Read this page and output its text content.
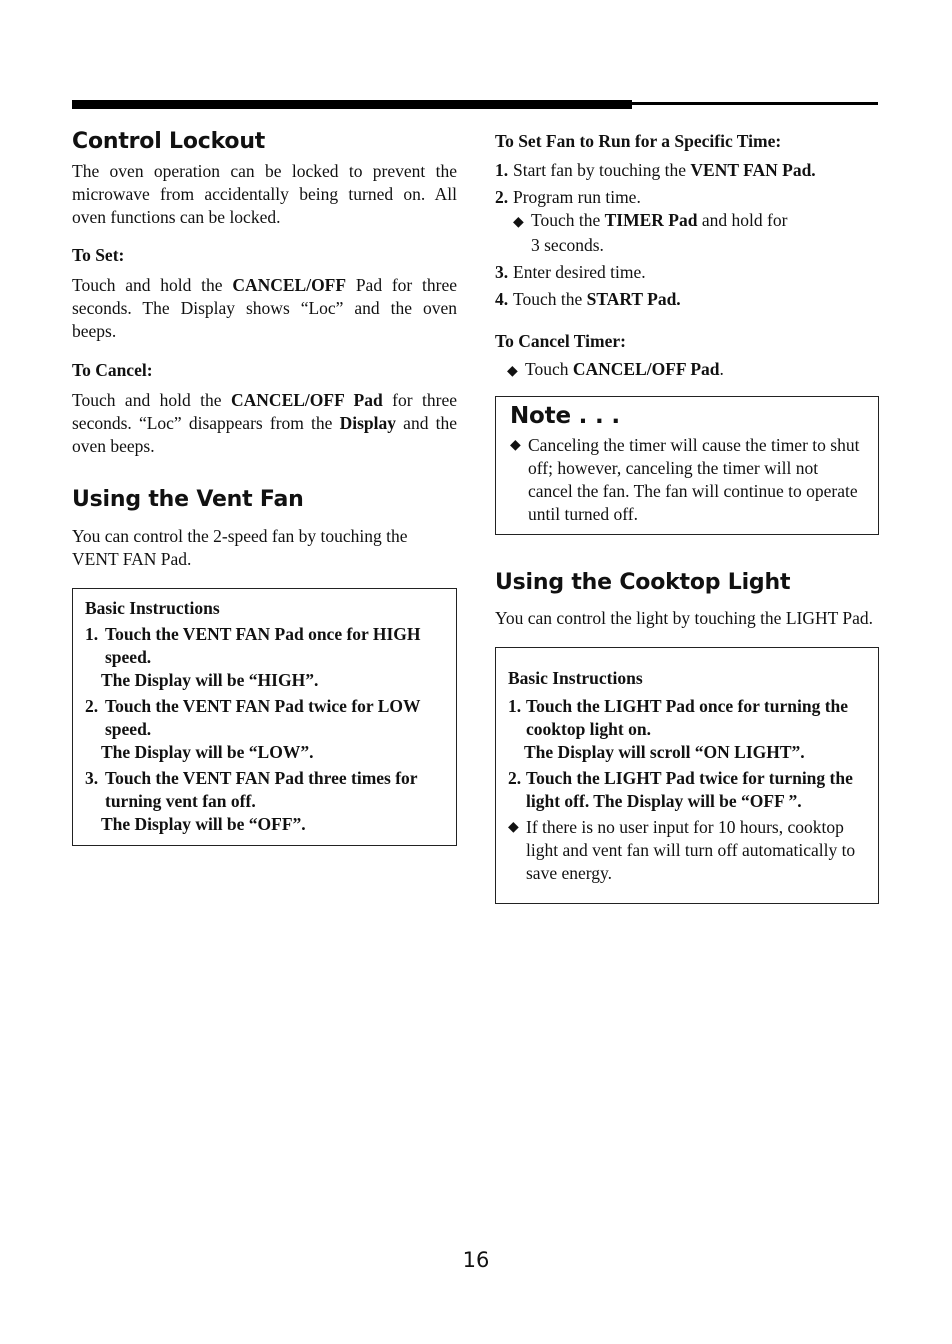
Control Lockout

The oven operation can be locked to prevent the microwave from accidentally being turned on. All oven functions can be locked.

To Set:

Touch and hold the CANCEL/OFF Pad for three seconds. The Display shows “Loc” and the oven beeps.

To Cancel:

Touch and hold the CANCEL/OFF Pad for three seconds. “Loc” disappears from the Display and the oven beeps.

Using the Vent Fan

You can control the 2-speed fan by touching the VENT FAN Pad.

Basic Instructions

1. Touch the VENT FAN Pad once for HIGH speed.
The Display will be “HIGH”.
2. Touch the VENT FAN Pad twice for LOW speed.
The Display will be “LOW”.
3. Touch the VENT FAN Pad three times for turning vent fan off.
The Display will be “OFF”.

To Set Fan to Run for a Specific Time:

1. Start fan by touching the VENT FAN Pad.
2. Program run time.
◆ Touch the TIMER Pad and hold for
3 seconds.
3. Enter desired time.
4. Touch the START Pad.

To Cancel Timer:

◆ Touch CANCEL/OFF Pad.
Note . . .
◆ Canceling the timer will cause the timer to shut off; however, canceling the timer will not cancel the fan. The fan will continue to operate until turned off.
Using the Cooktop Light

You can control the light by touching the LIGHT Pad.

Basic Instructions

1. Touch the LIGHT Pad once for turning the cooktop light on.
The Display will scroll “ON LIGHT”.
2. Touch the LIGHT Pad twice for turning the light off. The Display will be “OFF ”.
◆ If there is no user input for 10 hours, cooktop light and vent fan will turn off automatically to save energy.
16
